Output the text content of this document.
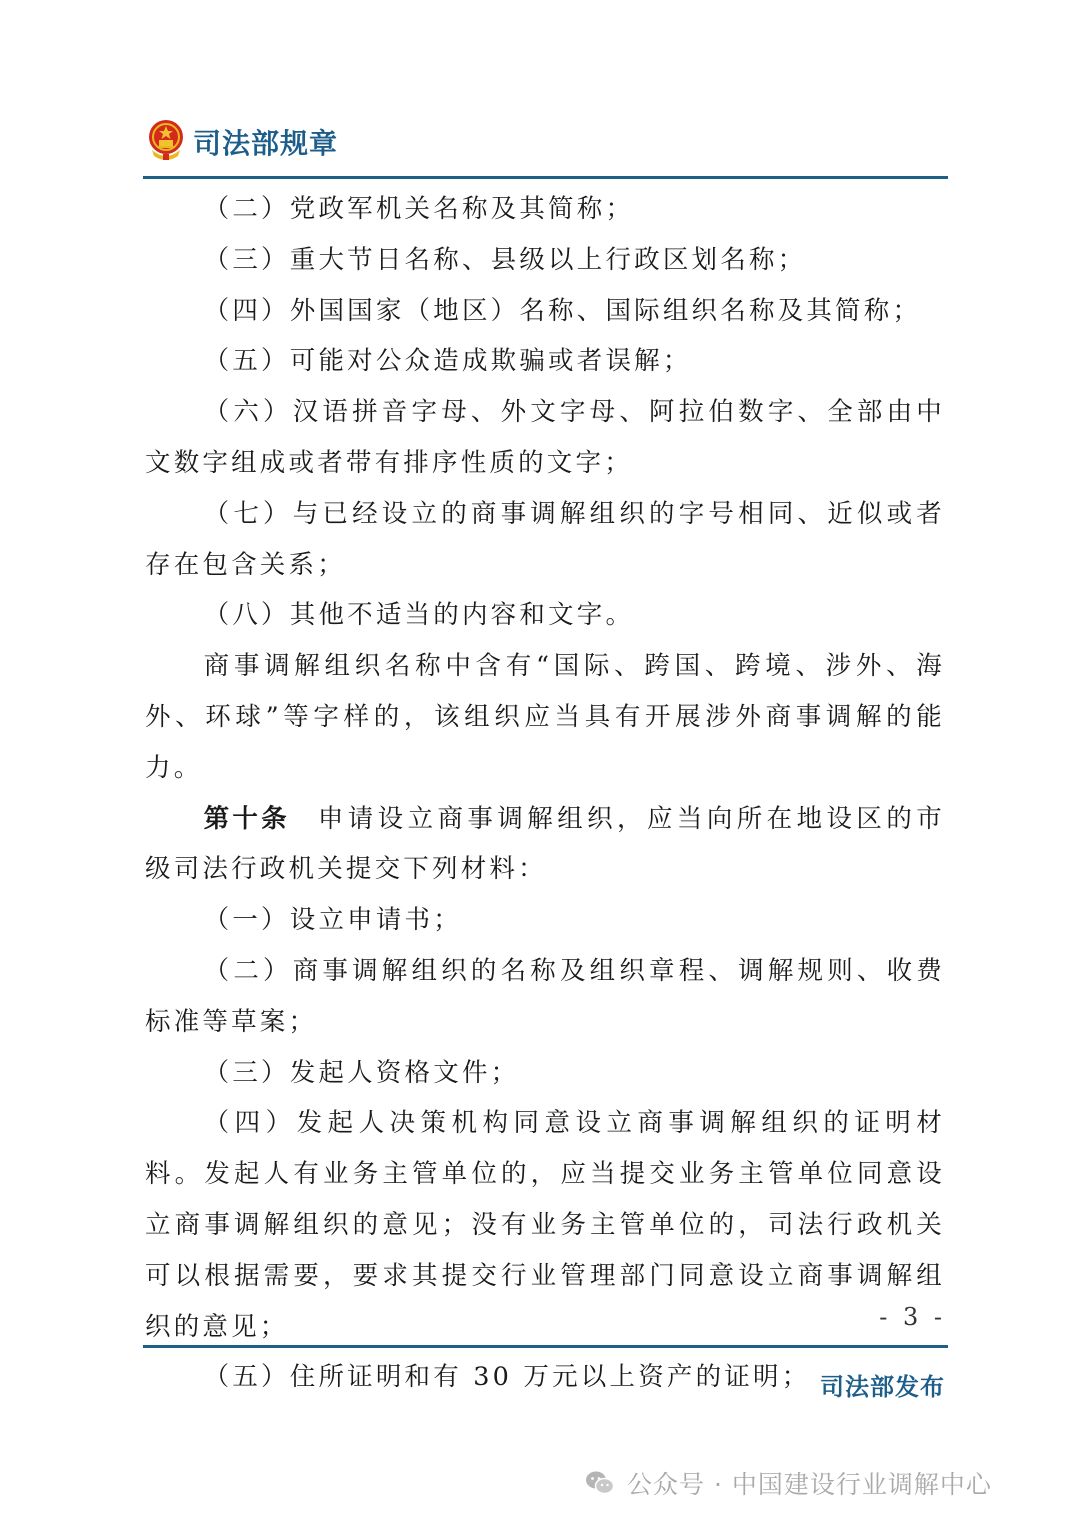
司法部规章

（二）党政军机关名称及其简称；

（三）重大节日名称、县级以上行政区划名称；

（四）外国国家（地区）名称、国际组织名称及其简称；

（五）可能对公众造成欺骗或者误解；

（六）汉语拼音字母、外文字母、阿拉伯数字、全部由中文数字组成或者带有排序性质的文字；

（七）与已经设立的商事调解组织的字号相同、近似或者存在包含关系；

（八）其他不适当的内容和文字。

商事调解组织名称中含有“国际、跨国、跨境、涉外、海外、环球”等字样的，该组织应当具有开展涉外商事调解的能力。

第十条 申请设立商事调解组织，应当向所在地设区的市级司法行政机关提交下列材料：

（一）设立申请书；

（二）商事调解组织的名称及组织章程、调解规则、收费标准等草案；

（三）发起人资格文件；

（四）发起人决策机构同意设立商事调解组织的证明材料。发起人有业务主管单位的，应当提交业务主管单位同意设立商事调解组织的意见；没有业务主管单位的，司法行政机关可以根据需要，要求其提交行业管理部门同意设立商事调解组织的意见；

（五）住所证明和有 30 万元以上资产的证明；

- 3 -
司法部发布
公众号 · 中国建设行业调解中心
